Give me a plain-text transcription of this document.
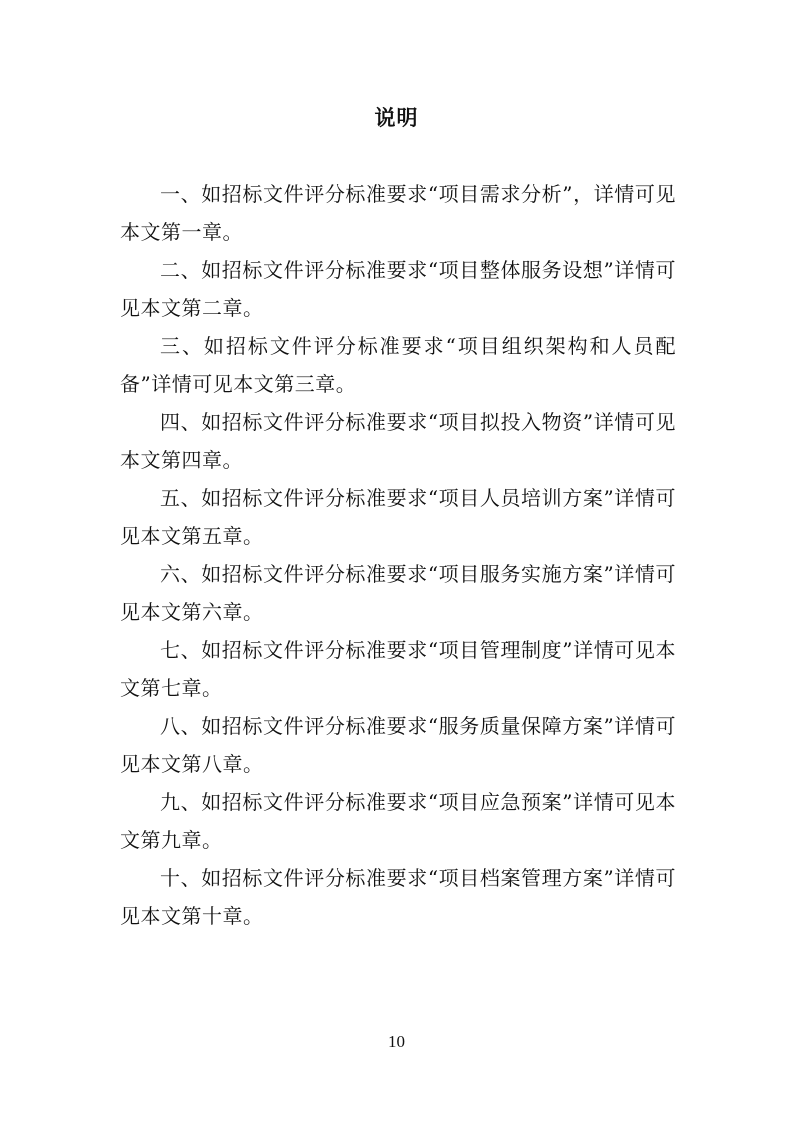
说明

一、如招标文件评分标准要求“项目需求分析”，详情可见本文第一章。

二、如招标文件评分标准要求“项目整体服务设想”详情可见本文第二章。

三、如招标文件评分标准要求“项目组织架构和人员配备”详情可见本文第三章。

四、如招标文件评分标准要求“项目拟投入物资”详情可见本文第四章。

五、如招标文件评分标准要求“项目人员培训方案”详情可见本文第五章。

六、如招标文件评分标准要求“项目服务实施方案”详情可见本文第六章。

七、如招标文件评分标准要求“项目管理制度”详情可见本文第七章。

八、如招标文件评分标准要求“服务质量保障方案”详情可见本文第八章。

九、如招标文件评分标准要求“项目应急预案”详情可见本文第九章。

十、如招标文件评分标准要求“项目档案管理方案”详情可见本文第十章。

10
